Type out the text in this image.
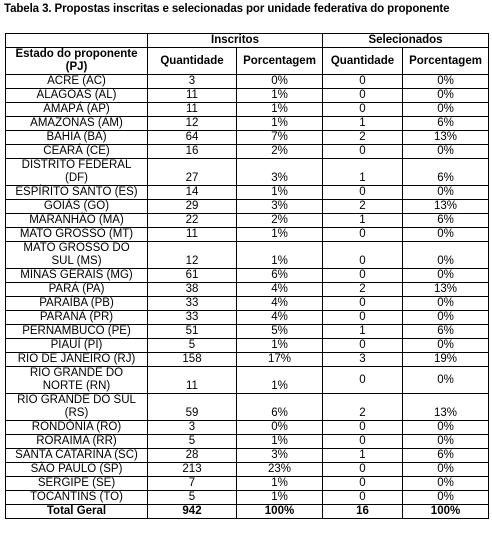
Tabela 3. Propostas inscritas e selecionadas por unidade federativa do proponente
	Inscritos		Selecionados	

Estado do proponente
(PJ)	Quantidade	Porcentagem	Quantidade	Porcentagem

ACRE (AC)	3	0%	0	0%

ALAGOAS (AL)	11	1%	0	0%

AMAPÁ (AP)	11	1%	0	0%

AMAZONAS (AM)	12	1%	1	6%

BAHIA (BA)	64	7%	2	13%

CEARÁ (CE)	16	2%	0	0%

DISTRITO FEDERAL
(DF)	27	3%	1	6%

ESPÍRITO SANTO (ES)	14	1%	0	0%

GOIÁS (GO)	29	3%	2	13%

MARANHÃO (MA)	22	2%	1	6%

MATO GROSSO (MT)	11	1%	0	0%

MATO GROSSO DO
SUL (MS)	12	1%	0	0%

MINAS GERAIS (MG)	61	6%	0	0%

PARÁ (PA)	38	4%	2	13%

PARAÍBA (PB)	33	4%	0	0%

PARANÁ (PR)	33	4%	0	0%

PERNAMBUCO (PE)	51	5%	1	6%

PIAUÍ (PI)	5	1%	0	0%

RIO DE JANEIRO (RJ)	158	17%	3	19%

RIO GRANDE DO
NORTE (RN)	11	1%	0	0%

RIO GRANDE DO SUL
(RS)	59	6%	2	13%

RONDÔNIA (RO)	3	0%	0	0%

RORAIMA (RR)	5	1%	0	0%

SANTA CATARINA (SC)	28	3%	1	6%

SÃO PAULO (SP)	213	23%	0	0%

SERGIPE (SE)	7	1%	0	0%

TOCANTINS (TO)	5	1%	0	0%
Total Geral	942	100%	16	100%
